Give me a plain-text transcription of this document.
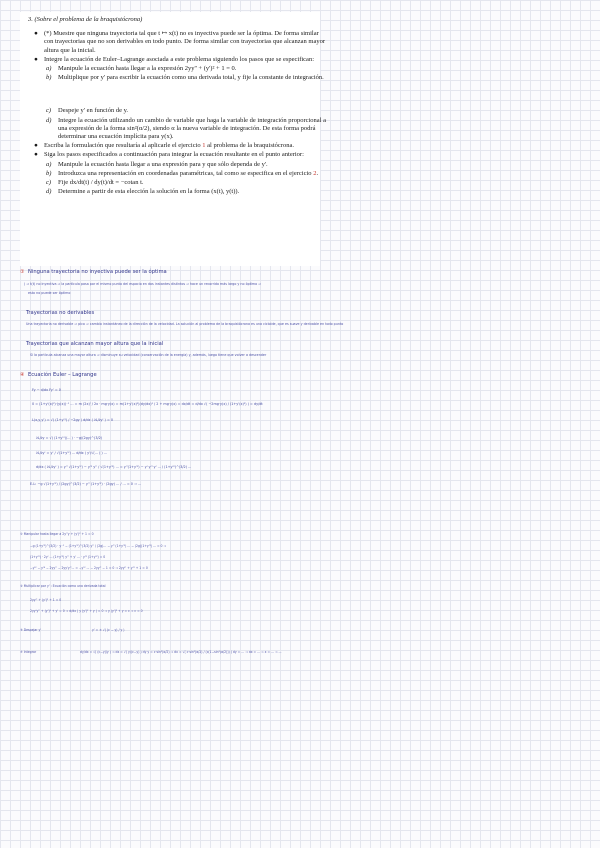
3. (Sobre el problema de la braquistócrona)
● (*) Muestre que ninguna trayectoria tal que t ↦ x(t) no es inyectiva puede ser la óptima. De forma similar con trayectorias que no son derivables en todo punto. De forma similar con trayectorias que alcanzan mayor altura que la inicial.
● Integre la ecuación de Euler–Lagrange asociada a este problema siguiendo los pasos que se especifican:
a)	Manipule la ecuación hasta llegar a la expresión 2yy'' + (y')² + 1 = 0.
b)	Multiplique por y' para escribir la ecuación como una derivada total, y fije la constante de integración.
c)	Despeje y' en función de y.
d)	Integre la ecuación utilizando un cambio de variable que haga la variable de integración proporcional a una expresión de la forma sin²(α/2), siendo α la nueva variable de integración. De esta forma podrá determinar una ecuación implícita para y(x).
● Escriba la formulación que resultaría al aplicarle el ejercicio 1 al problema de la braquistócrona.
● Siga los pasos especificados a continuación para integrar la ecuación resultante en el punto anterior:
a)	Manipule la ecuación hasta llegar a una expresión para y que sólo dependa de y'.
b)	Introduzca una representación en coordenadas paramétricas, tal como se especifica en el ejercicio 2.
c)	Fije dx/dt(t) / dy(t)/dt = −cotan t.
d)	Determine a partir de esta elección la solución en la forma (x(t), y(t)).
① Ninguna trayectoria no inyectiva puede ser la óptima
( ⇒ t(t) no inyectiva ⇒ la partícula pasa por el mismo punto del espacio en dos instantes distintos ⇒ hace un recorrido más largo y no óptimo ⇒
esto no puede ser óptimo
Trayectorias no derivables
Una trayectoria no derivable ⇒ pico ⇒ cambio instantáneo de la dirección de la velocidad. La solución al problema de la braquistócrona es una cicloide, que es suave y derivable en todo punto
Trayectorias que alcanzan mayor altura que la inicial
Si la partícula alcanza una mayor altura ⇒ disminuye su velocidad (conservación de la energía) y, además, luego tiene que volver a descender
④ Ecuación Euler – Lagrange
Fy − d/dx Fy' = 0
0 = (1+y'(x)²)·(y(x))⁻¹ ... = m (2x)' / 2x · mg·y(x) = m(1+y'(x)²)(dy/dx)² / 2 + mg·y(x) = dx/dt = d/dx √( −2mg·y(x) / (1+y'(x)²) ) = dy/dt
L(x,y,y') = √( (1+y'²) / −2gy ) d/dx ( ∂L/∂y' ) = 0
∂L/∂y = √( (1+y'²)/... ) · −g/(2gy)^(3/2)
∂L/∂y' = y' / √(1+y'²) ... d/dx ( y'/√(... ) ) ...
d/dx ( ∂L/∂y' ) = y'' √(1+y'²) − y'² y'' / √(1+y'²) ... = y''(1+y'²) − y'·y''·y' ... / (1+y'²)^(3/2) ...
E-L: −g √(1+y'²) / (2gy)^(3/2) − y'' (1+y'²) · (2gy) ... / ... = 0 ⇒ ...
① Manipular hasta llegar a 2y''y + (y')² + 1 = 0
−g (1+y'²)^(3/2) · y⁻¹ − (1+y'²)^(3/2) y'' / (2g)... − y'' (1+y'²) ... − (2g)(1+y'²) ... = 0 ⇒
(1+y'²) · 2y' ... (1+y'²) y'' + y' ... · y'² (1+y'²) = 0
−y'² − y'⁴ − 2yy'' − 2yy'y''... = −y'² ... − 2yy'' − 1 = 0 ⇒ 2yy'' + y'² + 1 = 0
② Multiplicar por y' : Ecuación como una derivada total
2yy'' + (y')² + 1 = 0
2yy'y'' + (y')³ + y' = 0 ⇒ d/dx ( y (y')² + y ) = 0 ⇒ y (y')² + y = c ⇒ c = 0
③ Despejar y'	y' = ± √( (c − y) / y )
④ Integrar	dy/dx = √( (c−y)/y ) ⇒ dx = √( y/(c−y) ) dy y = c·sin²(α/2) ⇒ dx = √( c·sin²(α/2) / (c(1−sin²(α/2))) ) dy = ... ⇒ dx = ... ⇒ x = ... ⇒ ...
